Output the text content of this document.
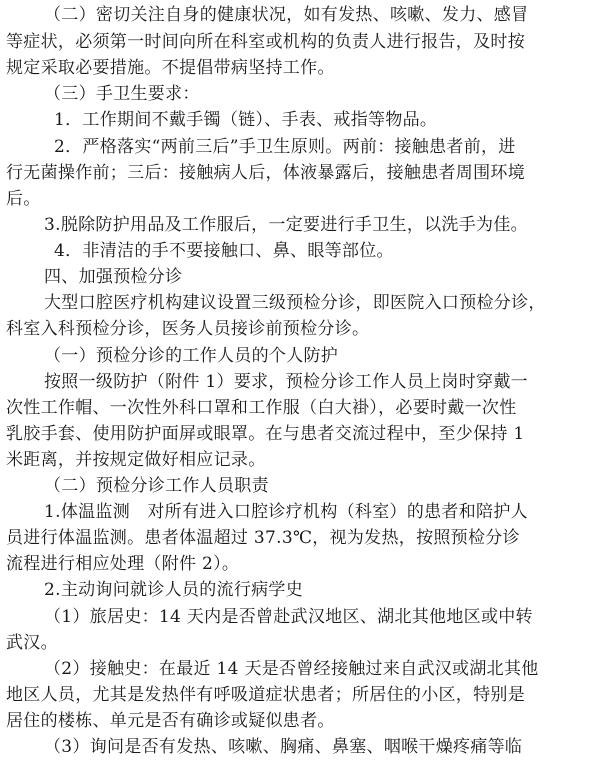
（二）密切关注自身的健康状况，如有发热、咳嗽、发力、感冒
等症状，必须第一时间向所在科室或机构的负责人进行报告，及时按
规定采取必要措施。不提倡带病坚持工作。
（三）手卫生要求：
1．工作期间不戴手镯（链）、手表、戒指等物品。
2．严格落实“两前三后”手卫生原则。两前：接触患者前，进
行无菌操作前；三后：接触病人后，体液暴露后，接触患者周围环境
后。
3.脱除防护用品及工作服后，一定要进行手卫生，以洗手为佳。
4．非清洁的手不要接触口、鼻、眼等部位。
四、加强预检分诊
大型口腔医疗机构建议设置三级预检分诊，即医院入口预检分诊，
科室入科预检分诊，医务人员接诊前预检分诊。
（一）预检分诊的工作人员的个人防护
按照一级防护（附件 1）要求，预检分诊工作人员上岗时穿戴一
次性工作帽、一次性外科口罩和工作服（白大褂），必要时戴一次性
乳胶手套、使用防护面屏或眼罩。在与患者交流过程中，至少保持 1
米距离，并按规定做好相应记录。
（二）预检分诊工作人员职责
1.体温监测　对所有进入口腔诊疗机构（科室）的患者和陪护人
员进行体温监测。患者体温超过 37.3℃，视为发热，按照预检分诊
流程进行相应处理（附件 2）。
2.主动询问就诊人员的流行病学史
（1）旅居史：14 天内是否曾赴武汉地区、湖北其他地区或中转
武汉。
（2）接触史：在最近 14 天是否曾经接触过来自武汉或湖北其他
地区人员，尤其是发热伴有呼吸道症状患者；所居住的小区，特别是
居住的楼栋、单元是否有确诊或疑似患者。
（3）询问是否有发热、咳嗽、胸痛、鼻塞、咽喉干燥疼痛等临
